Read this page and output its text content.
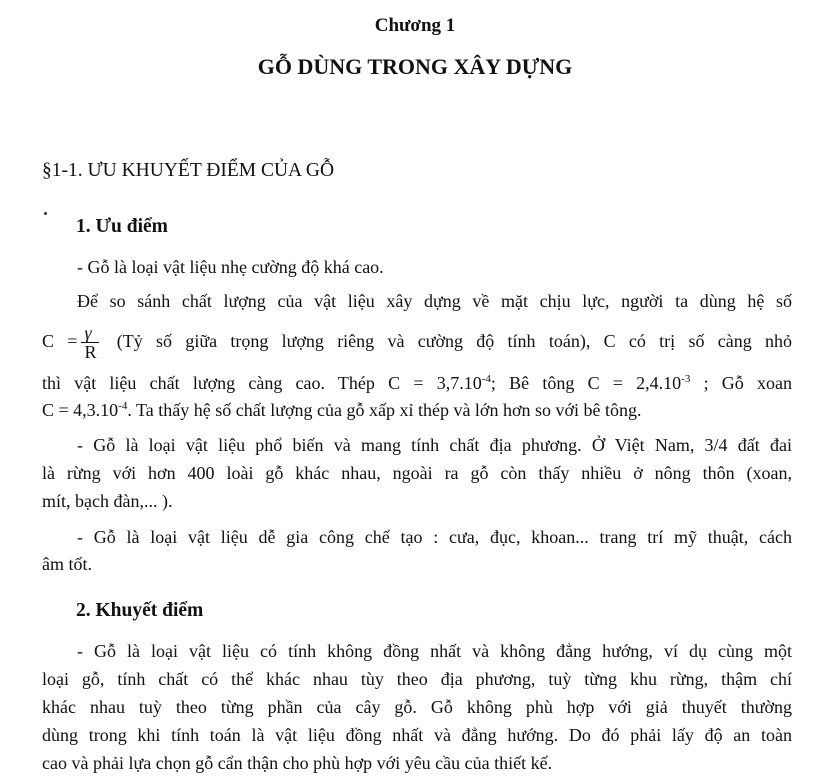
Chương 1
GỖ DÙNG TRONG XÂY DỰNG
§1-1. ƯU KHUYẾT ĐIỂM CỦA GỖ
1. Ưu điểm
- Gỗ là loại vật liệu nhẹ cường độ khá cao.
Để so sánh chất lượng của vật liệu xây dựng về mặt chịu lực, người ta dùng hệ số
$C = \frac{\gamma}{R}$ (Tỷ số giữa trọng lượng riêng và cường độ tính toán), C có trị số càng nhỏ
thì vật liệu chất lượng càng cao. Thép $C = 3,7.10^{-4}$; Bê tông $C = 2,4.10^{-3}$ ; Gỗ xoan
$C = 4,3.10^{-4}$. Ta thấy hệ số chất lượng của gỗ xấp xỉ thép và lớn hơn so với bê tông.
- Gỗ là loại vật liệu phổ biến và mang tính chất địa phương. Ở Việt Nam, 3/4 đất đai
là rừng với hơn 400 loài gỗ khác nhau, ngoài ra gỗ còn thấy nhiều ở nông thôn (xoan,
mít, bạch đàn,... ).
- Gỗ là loại vật liệu dễ gia công chế tạo : cưa, đục, khoan... trang trí mỹ thuật, cách
âm tốt.
2. Khuyết điểm
- Gỗ là loại vật liệu có tính không đồng nhất và không đẳng hướng, ví dụ cùng một
loại gỗ, tính chất có thể khác nhau tùy theo địa phương, tuỳ từng khu rừng, thậm chí
khác nhau tuỳ theo từng phần của cây gỗ. Gỗ không phù hợp với giả thuyết thường
dùng trong khi tính toán là vật liệu đồng nhất và đẳng hướng. Do đó phải lấy độ an toàn
cao và phải lựa chọn gỗ cẩn thận cho phù hợp với yêu cầu của thiết kế.
